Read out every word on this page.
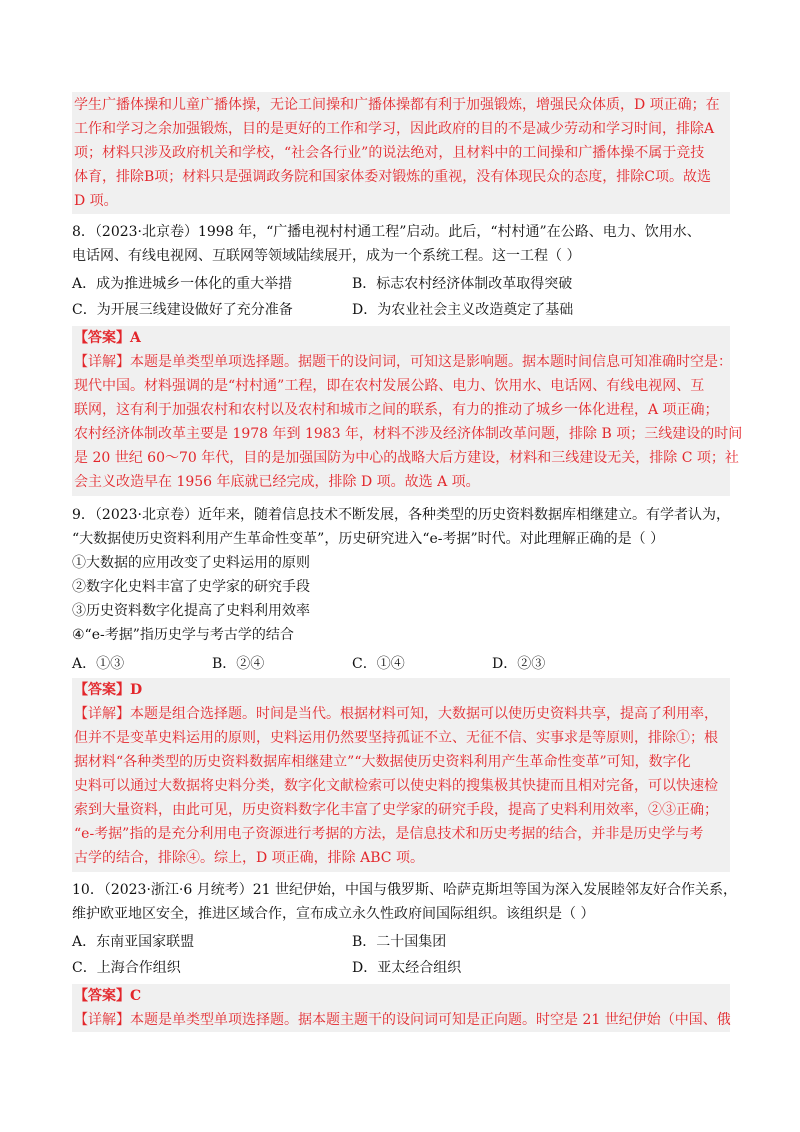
学生广播体操和儿童广播体操，无论工间操和广播体操都有利于加强锻炼，增强民众体质，D 项正确；在

工作和学习之余加强锻炼，目的是更好的工作和学习，因此政府的目的不是减少劳动和学习时间，排除A

项；材料只涉及政府机关和学校，“社会各行业”的说法绝对，且材料中的工间操和广播体操不属于竞技

体育，排除B项；材料只是强调政务院和国家体委对锻炼的重视，没有体现民众的态度，排除C项。故选

D 项。

8．（2023·北京卷）1998 年，“广播电视村村通工程”启动。此后，“村村通”在公路、电力、饮用水、

电话网、有线电视网、互联网等领域陆续展开，成为一个系统工程。这一工程（ ）

A．成为推进城乡一体化的重大举措	B．标志农村经济体制改革取得突破
C．为开展三线建设做好了充分准备	D．为农业社会主义改造奠定了基础

【答案】A

【详解】本题是单类型单项选择题。据题干的设问词，可知这是影响题。据本题时间信息可知准确时空是：

现代中国。材料强调的是“村村通”工程，即在农村发展公路、电力、饮用水、电话网、有线电视网、互

联网，这有利于加强农村和农村以及农村和城市之间的联系，有力的推动了城乡一体化进程，A 项正确；

农村经济体制改革主要是 1978 年到 1983 年，材料不涉及经济体制改革问题，排除 B 项；三线建设的时间

是 20 世纪 60～70 年代，目的是加强国防为中心的战略大后方建设，材料和三线建设无关，排除 C 项；社

会主义改造早在 1956 年底就已经完成，排除 D 项。故选 A 项。

9．（2023·北京卷）近年来，随着信息技术不断发展，各种类型的历史资料数据库相继建立。有学者认为，

“大数据使历史资料利用产生革命性变革”，历史研究进入“e-考据”时代。对此理解正确的是（ ）

①大数据的应用改变了史料运用的原则

②数字化史料丰富了史学家的研究手段

③历史资料数字化提高了史料利用效率

④“e-考据”指历史学与考古学的结合

A．①③	B．②④	C．①④	D．②③

【答案】D

【详解】本题是组合选择题。时间是当代。根据材料可知，大数据可以使历史资料共享，提高了利用率，

但并不是变革史料运用的原则，史料运用仍然要坚持孤证不立、无征不信、实事求是等原则，排除①；根

据材料“各种类型的历史资料数据库相继建立”“大数据使历史资料利用产生革命性变革”可知，数字化

史料可以通过大数据将史料分类，数字化文献检索可以使史料的搜集极其快捷而且相对完备，可以快速检

索到大量资料，由此可见，历史资料数字化丰富了史学家的研究手段，提高了史料利用效率，②③正确；

“e-考据”指的是充分利用电子资源进行考据的方法，是信息技术和历史考据的结合，并非是历史学与考

古学的结合，排除④。综上，D 项正确，排除 ABC 项。

10．（2023·浙江·6 月统考）21 世纪伊始，中国与俄罗斯、哈萨克斯坦等国为深入发展睦邻友好合作关系，

维护欧亚地区安全，推进区域合作，宣布成立永久性政府间国际组织。该组织是（ ）

A．东南亚国家联盟	B．二十国集团
C．上海合作组织	D．亚太经合组织

【答案】C

【详解】本题是单类型单项选择题。据本题主题干的设问词可知是正向题。时空是 21 世纪伊始（中国、俄
